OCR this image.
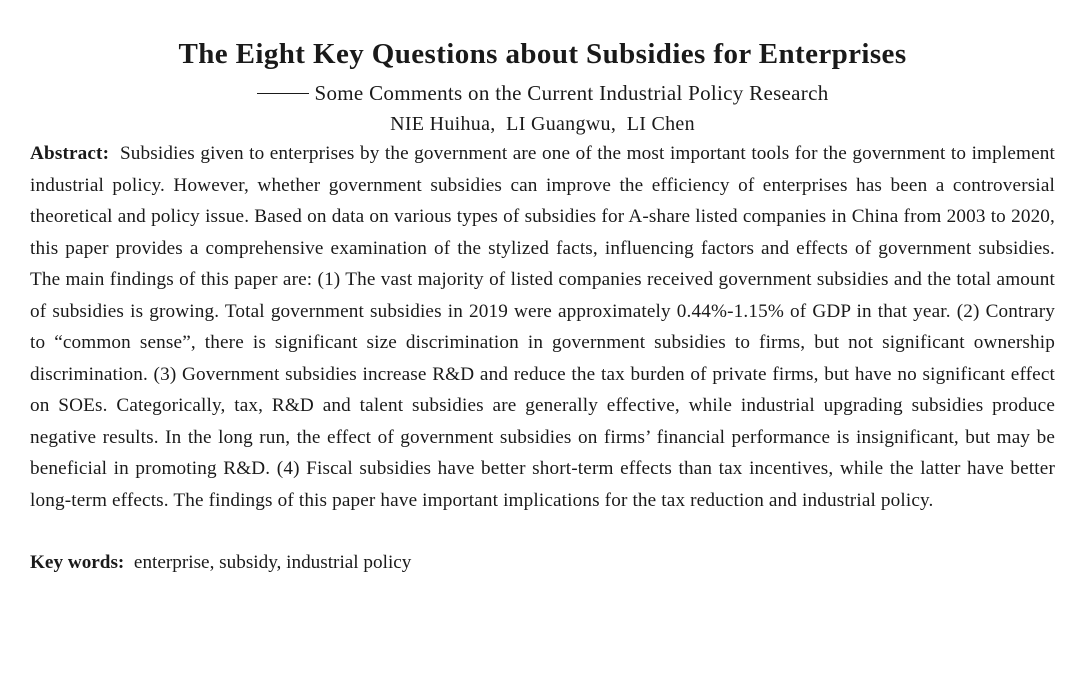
The Eight Key Questions about Subsidies for Enterprises
Some Comments on the Current Industrial Policy Research
NIE Huihua,  LI Guangwu,  LI Chen
Abstract: Subsidies given to enterprises by the government are one of the most important tools for the government to implement industrial policy. However, whether government subsidies can improve the efficiency of enterprises has been a controversial theoretical and policy issue. Based on data on various types of subsidies for A-share listed companies in China from 2003 to 2020, this paper provides a comprehensive examination of the stylized facts, influencing factors and effects of government subsidies. The main findings of this paper are: (1) The vast majority of listed companies received government subsidies and the total amount of subsidies is growing. Total government subsidies in 2019 were approximately 0.44%-1.15% of GDP in that year. (2) Contrary to “common sense”, there is significant size discrimination in government subsidies to firms, but not significant ownership discrimination. (3) Government subsidies increase R&D and reduce the tax burden of private firms, but have no significant effect on SOEs. Categorically, tax, R&D and talent subsidies are generally effective, while industrial upgrading subsidies produce negative results. In the long run, the effect of government subsidies on firms’ financial performance is insignificant, but may be beneficial in promoting R&D. (4) Fiscal subsidies have better short-term effects than tax incentives, while the latter have better long-term effects. The findings of this paper have important implications for the tax reduction and industrial policy.
Key words: enterprise, subsidy, industrial policy
